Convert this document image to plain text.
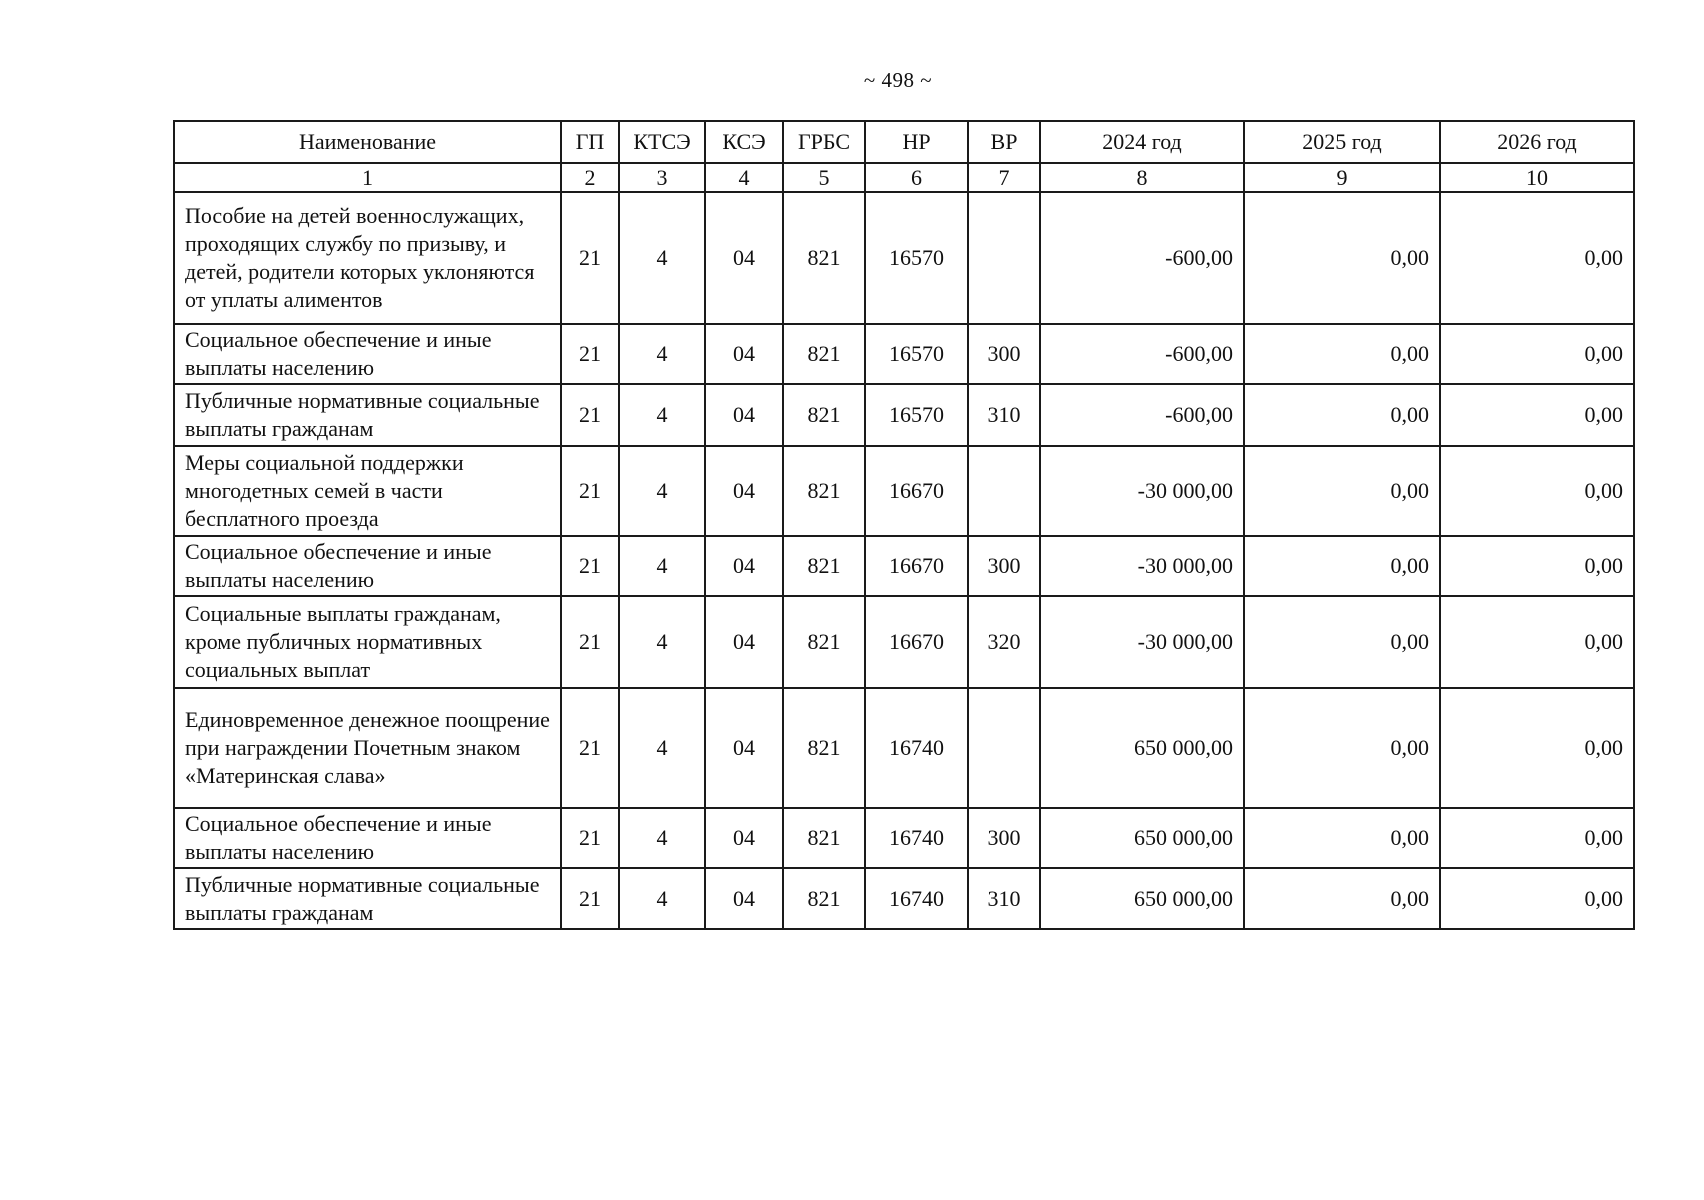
~ 498 ~
Наименование	ГП	КТСЭ	КСЭ	ГРБС	НР	ВР	2024 год	2025 год	2026 год
1	2	3	4	5	6	7	8	9	10
Пособие на детей военнослужащих, проходящих службу по призыву, и детей, родители которых уклоняются от уплаты алиментов	21	4	04	821	16570		-600,00	0,00	0,00
Социальное обеспечение и иные выплаты населению	21	4	04	821	16570	300	-600,00	0,00	0,00
Публичные нормативные социальные выплаты гражданам	21	4	04	821	16570	310	-600,00	0,00	0,00
Меры социальной поддержки многодетных семей в части бесплатного проезда	21	4	04	821	16670		-30 000,00	0,00	0,00
Социальное обеспечение и иные выплаты населению	21	4	04	821	16670	300	-30 000,00	0,00	0,00
Социальные выплаты гражданам, кроме публичных нормативных социальных выплат	21	4	04	821	16670	320	-30 000,00	0,00	0,00
Единовременное денежное поощрение при награждении Почетным знаком «Материнская слава»	21	4	04	821	16740		650 000,00	0,00	0,00
Социальное обеспечение и иные выплаты населению	21	4	04	821	16740	300	650 000,00	0,00	0,00
Публичные нормативные социальные выплаты гражданам	21	4	04	821	16740	310	650 000,00	0,00	0,00
